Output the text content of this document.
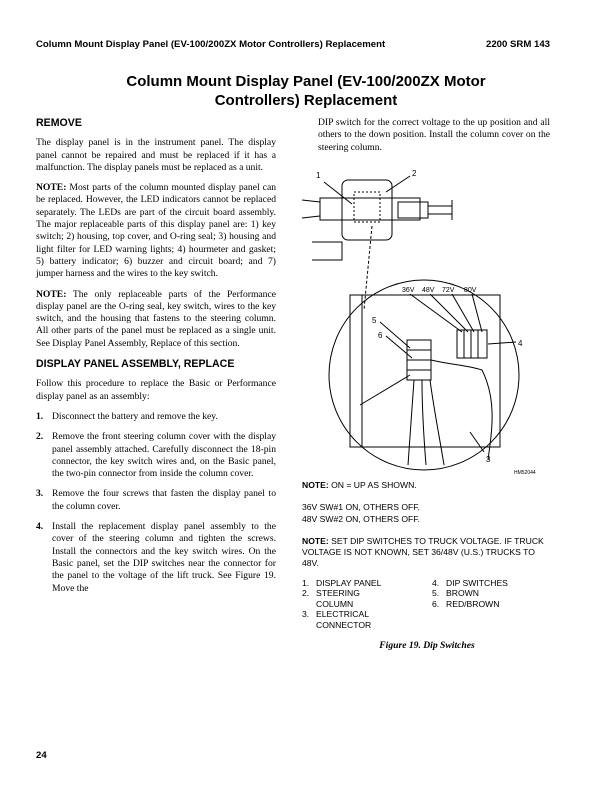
Column Mount Display Panel (EV-100/200ZX Motor Controllers) Replacement	2200 SRM 143
Column Mount Display Panel (EV-100/200ZX Motor
Controllers) Replacement
REMOVE
The display panel is in the instrument panel. The display panel cannot be repaired and must be replaced if it has a malfunction. The display panels must be replaced as a unit.
NOTE: Most parts of the column mounted display panel can be replaced. However, the LED indicators cannot be replaced separately. The LEDs are part of the circuit board assembly. The major replaceable parts of this display panel are: 1) key switch; 2) housing, top cover, and O-ring seal; 3) housing and light filter for LED warning lights; 4) hourmeter and gasket; 5) battery indicator; 6) buzzer and circuit board; and 7) jumper harness and the wires to the key switch.
NOTE: The only replaceable parts of the Performance display panel are the O-ring seal, key switch, wires to the key switch, and the housing that fastens to the steering column. All other parts of the panel must be replaced as a single unit. See Display Panel Assembly, Replace of this section.
DISPLAY PANEL ASSEMBLY, REPLACE
Follow this procedure to replace the Basic or Performance display panel as an assembly:
1. Disconnect the battery and remove the key.
2. Remove the front steering column cover with the display panel assembly attached. Carefully disconnect the 18-pin connector, the key switch wires and, on the Basic panel, the two-pin connector from inside the column cover.
3. Remove the four screws that fasten the display panel to the column cover.
4. Install the replacement display panel assembly to the cover of the steering column and tighten the screws. Install the connectors and the key switch wires. On the Basic panel, set the DIP switches near the connector for the panel to the voltage of the lift truck. See Figure 19. Move the
DIP switch for the correct voltage to the up position and all others to the down position. Install the column cover on the steering column.
1	2
3
4
5
6
36V 48V 72V 80V
HM52044
NOTE: ON = UP AS SHOWN.
36V SW#1 ON, OTHERS OFF.
48V SW#2 ON, OTHERS OFF.
NOTE: SET DIP SWITCHES TO TRUCK VOLTAGE. IF TRUCK VOLTAGE IS NOT KNOWN, SET 36/48V (U.S.) TRUCKS TO 48V.
1. DISPLAY PANEL
2. STEERING
COLUMN
3. ELECTRICAL
CONNECTOR
4. DIP SWITCHES
5. BROWN
6. RED/BROWN
Figure 19. Dip Switches
24
